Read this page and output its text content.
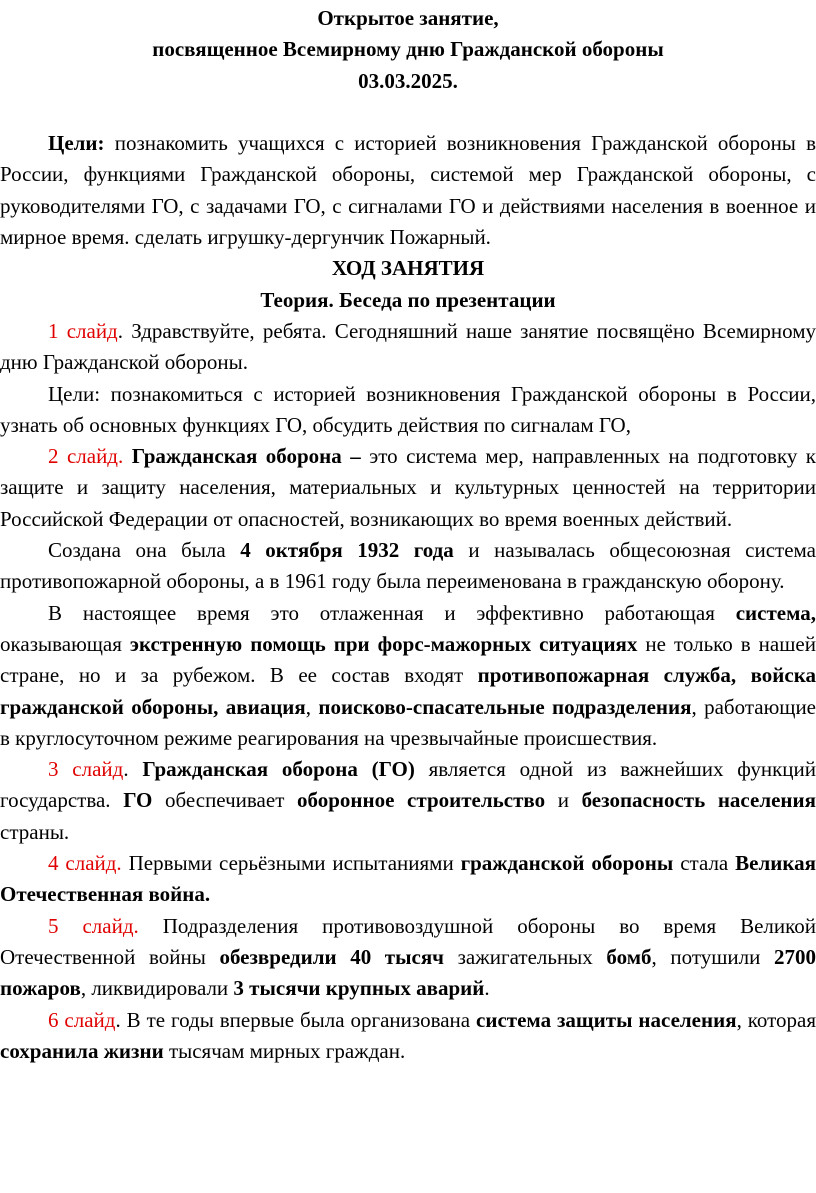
Открытое занятие,

посвященное Всемирному дню Гражданской обороны

03.03.2025.

Цели: познакомить учащихся с историей возникновения Гражданской обороны в России, функциями Гражданской обороны, системой мер Гражданской обороны, с руководителями ГО, с задачами ГО, с сигналами ГО и действиями населения в военное и мирное время. сделать игрушку-дергунчик Пожарный.

ХОД ЗАНЯТИЯ

Теория. Беседа по презентации

1 слайд. Здравствуйте, ребята. Сегодняшний наше занятие посвящёно Всемирному дню Гражданской обороны.

Цели: познакомиться с историей возникновения Гражданской обороны в России, узнать об основных функциях ГО, обсудить действия по сигналам ГО,

2 слайд. Гражданская оборона – это система мер, направленных на подготовку к защите и защиту населения, материальных и культурных ценностей на территории Российской Федерации от опасностей, возникающих во время военных действий.

Создана она была 4 октября 1932 года и называлась общесоюзная система противопожарной обороны, а в 1961 году была переименована в гражданскую оборону.

В настоящее время это отлаженная и эффективно работающая система, оказывающая экстренную помощь при форс-мажорных ситуациях не только в нашей стране, но и за рубежом. В ее состав входят противопожарная служба, войска гражданской обороны, авиация, поисково-спасательные подразделения, работающие в круглосуточном режиме реагирования на чрезвычайные происшествия.

3 слайд. Гражданская оборона (ГО) является одной из важнейших функций государства. ГО обеспечивает оборонное строительство и безопасность населения страны.

4 слайд. Первыми серьёзными испытаниями гражданской обороны стала Великая Отечественная война.

5 слайд. Подразделения противовоздушной обороны во время Великой Отечественной войны обезвредили 40 тысяч зажигательных бомб, потушили 2700 пожаров, ликвидировали 3 тысячи крупных аварий.

6 слайд. В те годы впервые была организована система защиты населения, которая сохранила жизни тысячам мирных граждан.
